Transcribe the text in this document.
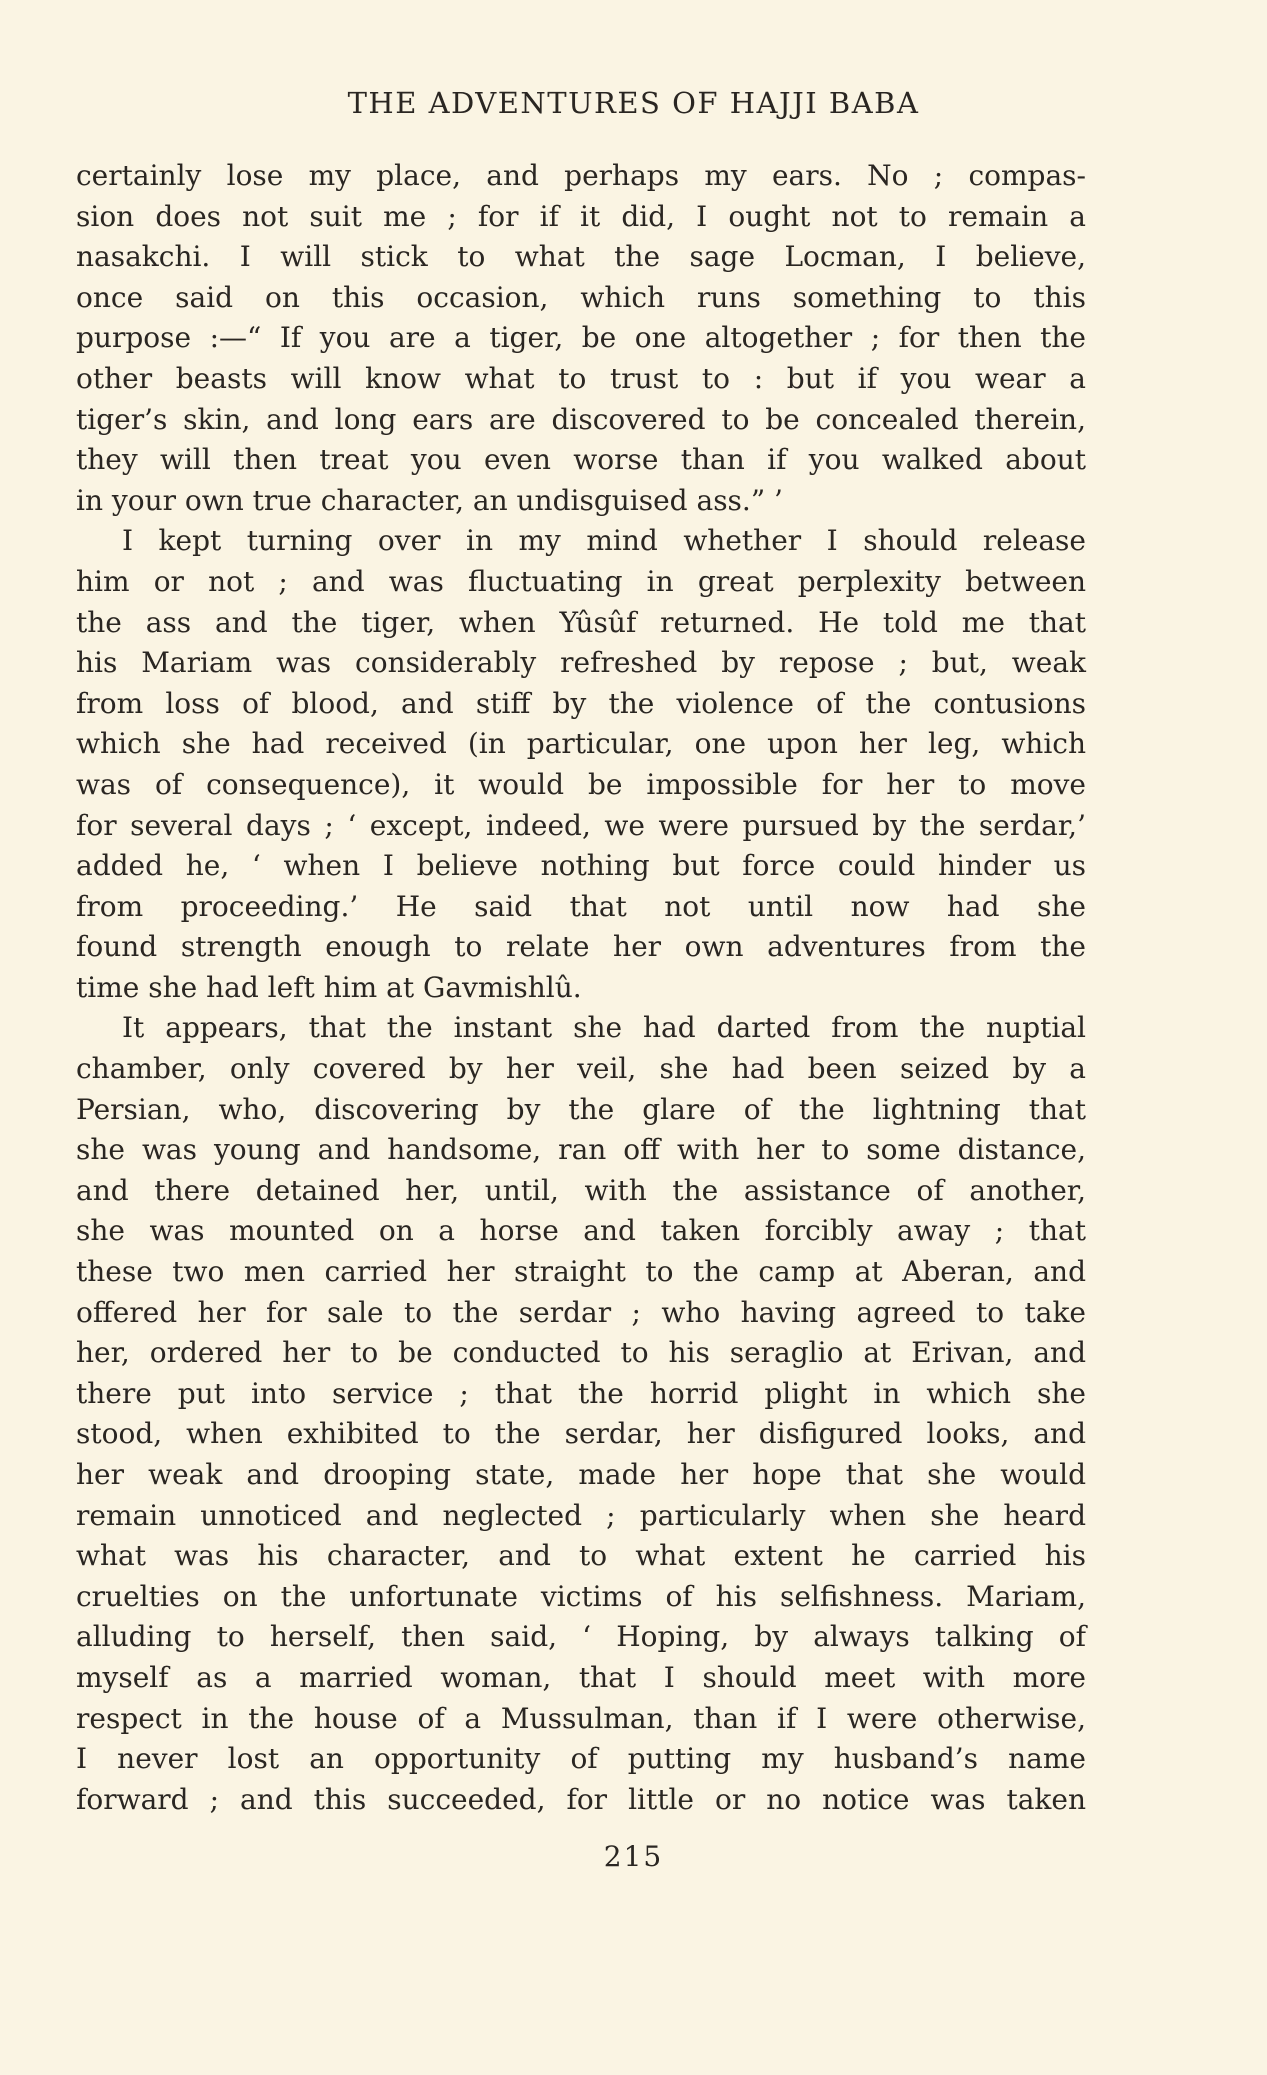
THE ADVENTURES OF HAJJI BABA
certainly lose my place, and perhaps my ears. No ; compas-
sion does not suit me ; for if it did, I ought not to remain a
nasakchi. I will stick to what the sage Locman, I believe,
once said on this occasion, which runs something to this
purpose :—“ If you are a tiger, be one altogether ; for then the
other beasts will know what to trust to : but if you wear a
tiger’s skin, and long ears are discovered to be concealed therein,
they will then treat you even worse than if you walked about
in your own true character, an undisguised ass.” ’
I kept turning over in my mind whether I should release
him or not ; and was fluctuating in great perplexity between
the ass and the tiger, when Yûsûf returned. He told me that
his Mariam was considerably refreshed by repose ; but, weak
from loss of blood, and stiff by the violence of the contusions
which she had received (in particular, one upon her leg, which
was of consequence), it would be impossible for her to move
for several days ; ‘ except, indeed, we were pursued by the serdar,’
added he, ‘ when I believe nothing but force could hinder us
from proceeding.’ He said that not until now had she
found strength enough to relate her own adventures from the
time she had left him at Gavmishlû.
It appears, that the instant she had darted from the nuptial
chamber, only covered by her veil, she had been seized by a
Persian, who, discovering by the glare of the lightning that
she was young and handsome, ran off with her to some distance,
and there detained her, until, with the assistance of another,
she was mounted on a horse and taken forcibly away ; that
these two men carried her straight to the camp at Aberan, and
offered her for sale to the serdar ; who having agreed to take
her, ordered her to be conducted to his seraglio at Erivan, and
there put into service ; that the horrid plight in which she
stood, when exhibited to the serdar, her disfigured looks, and
her weak and drooping state, made her hope that she would
remain unnoticed and neglected ; particularly when she heard
what was his character, and to what extent he carried his
cruelties on the unfortunate victims of his selfishness. Mariam,
alluding to herself, then said, ‘ Hoping, by always talking of
myself as a married woman, that I should meet with more
respect in the house of a Mussulman, than if I were otherwise,
I never lost an opportunity of putting my husband’s name
forward ; and this succeeded, for little or no notice was taken
215
